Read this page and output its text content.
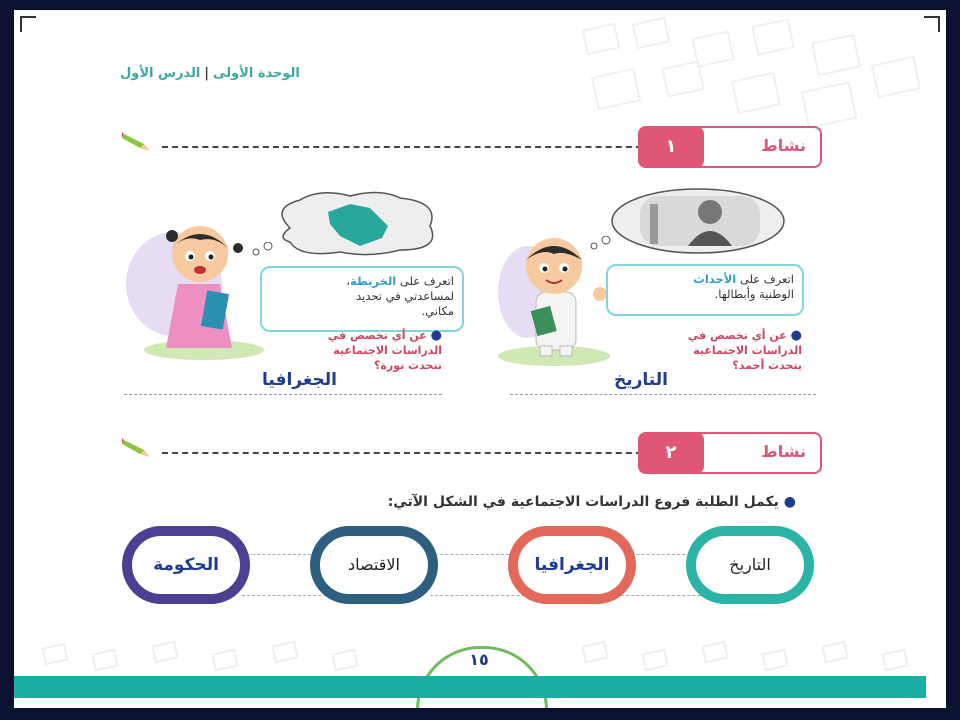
الوحدة الأولى|الدرس الأول
١	نشاط
اتعرف على الأحداث
الوطنية وأبطالها.
● عن أي تخصص في
الدراسات الاجتماعية
يتحدث أحمد؟
التاريخ
اتعرف على الخريطة،
لمساعدتي في تحديد
مكاني.
● عن أي تخصص في
الدراسات الاجتماعية
تتحدث نورة؟
الجغرافيا
٢	نشاط
● يكمل الطلبة فروع الدراسات الاجتماعية في الشكل الآتي:
الحكومة	الاقتصاد	الجغرافيا	التاريخ
١٥
